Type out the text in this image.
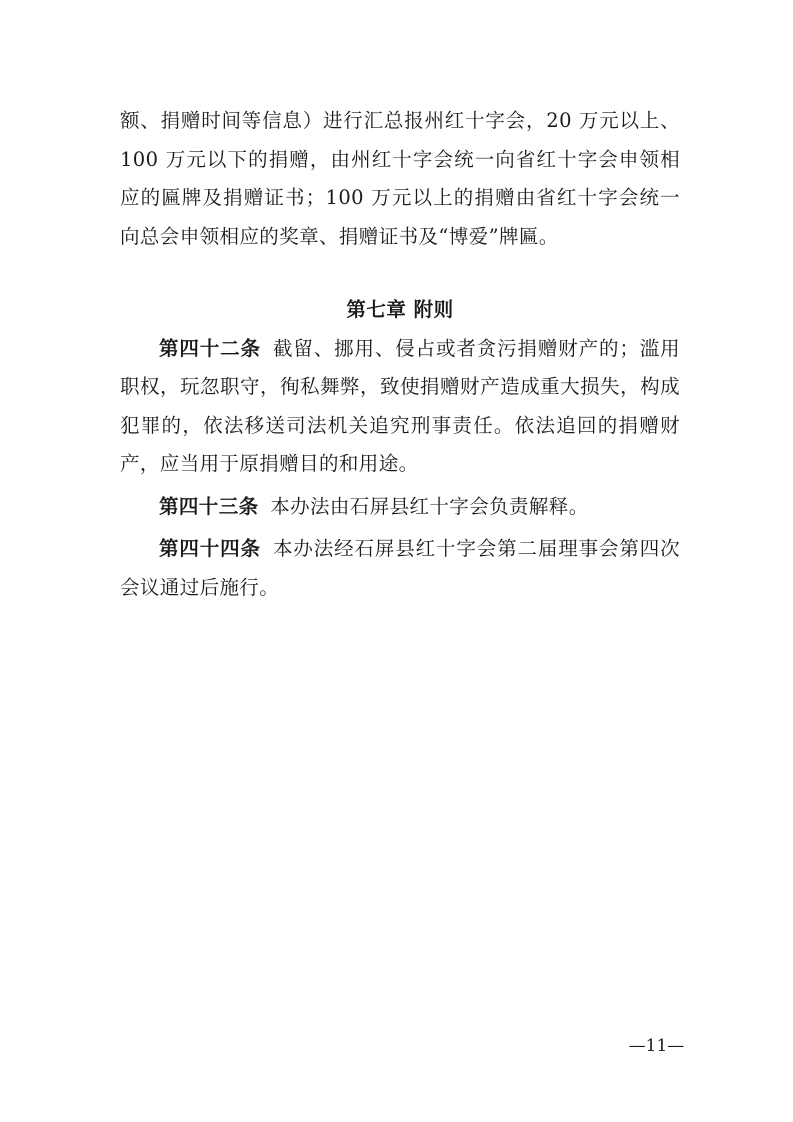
额、捐赠时间等信息）进行汇总报州红十字会，20 万元以上、100 万元以下的捐赠，由州红十字会统一向省红十字会申领相应的匾牌及捐赠证书；100 万元以上的捐赠由省红十字会统一向总会申领相应的奖章、捐赠证书及“博爱”牌匾。

第七章 附则

第四十二条 截留、挪用、侵占或者贪污捐赠财产的；滥用职权，玩忽职守，徇私舞弊，致使捐赠财产造成重大损失，构成犯罪的，依法移送司法机关追究刑事责任。依法追回的捐赠财产，应当用于原捐赠目的和用途。

第四十三条 本办法由石屏县红十字会负责解释。

第四十四条 本办法经石屏县红十字会第二届理事会第四次会议通过后施行。

—11—
